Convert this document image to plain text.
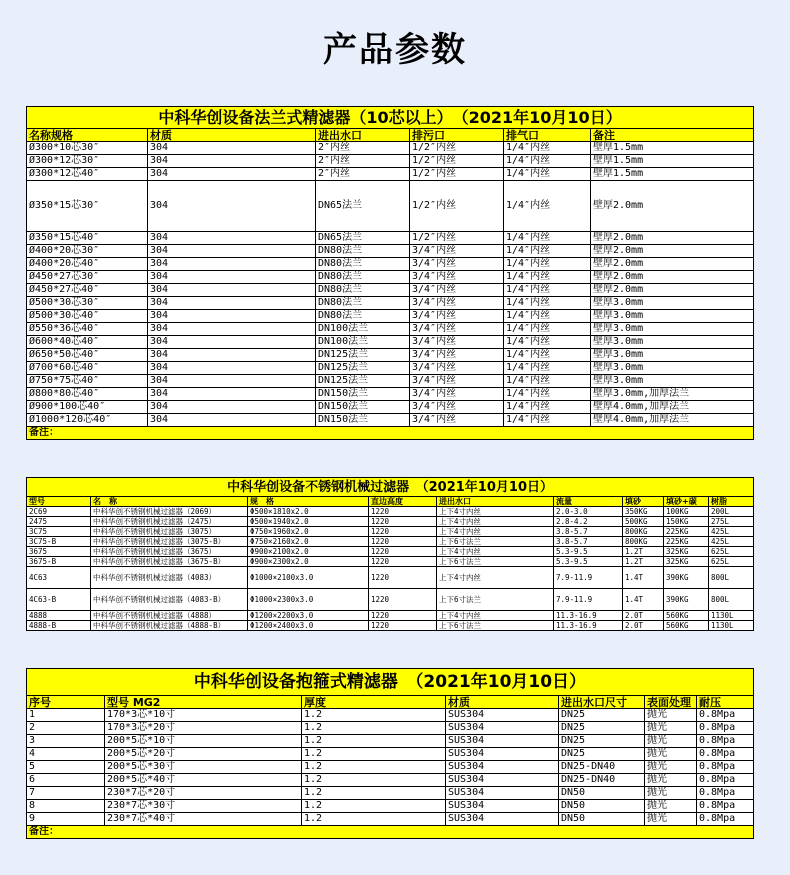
产品参数
中科华创设备法兰式精滤器（10芯以上）　（2021年10月10日）					
名称规格	材质	进出水口	排污口	排气口	备注
Ø300*10芯30″	304	2″内丝	1/2″内丝	1/4″内丝	壁厚1.5mm
Ø300*12芯30″	304	2″内丝	1/2″内丝	1/4″内丝	壁厚1.5mm
Ø300*12芯40″	304	2″内丝	1/2″内丝	1/4″内丝	壁厚1.5mm
Ø350*15芯30″	304	DN65法兰	1/2″内丝	1/4″内丝	壁厚2.0mm
Ø350*15芯40″	304	DN65法兰	1/2″内丝	1/4″内丝	壁厚2.0mm
Ø400*20芯30″	304	DN80法兰	3/4″内丝	1/4″内丝	壁厚2.0mm
Ø400*20芯40″	304	DN80法兰	3/4″内丝	1/4″内丝	壁厚2.0mm
Ø450*27芯30″	304	DN80法兰	3/4″内丝	1/4″内丝	壁厚2.0mm
Ø450*27芯40″	304	DN80法兰	3/4″内丝	1/4″内丝	壁厚2.0mm
Ø500*30芯30″	304	DN80法兰	3/4″内丝	1/4″内丝	壁厚3.0mm
Ø500*30芯40″	304	DN80法兰	3/4″内丝	1/4″内丝	壁厚3.0mm
Ø550*36芯40″	304	DN100法兰	3/4″内丝	1/4″内丝	壁厚3.0mm
Ø600*40芯40″	304	DN100法兰	3/4″内丝	1/4″内丝	壁厚3.0mm
Ø650*50芯40″	304	DN125法兰	3/4″内丝	1/4″内丝	壁厚3.0mm
Ø700*60芯40″	304	DN125法兰	3/4″内丝	1/4″内丝	壁厚3.0mm
Ø750*75芯40″	304	DN125法兰	3/4″内丝	1/4″内丝	壁厚3.0mm
Ø800*80芯40″	304	DN150法兰	3/4″内丝	1/4″内丝	壁厚3.0mm,加厚法兰
Ø900*100芯40″	304	DN150法兰	3/4″内丝	1/4″内丝	壁厚4.0mm,加厚法兰
Ø1000*120芯40″	304	DN150法兰	3/4″内丝	1/4″内丝	壁厚4.0mm,加厚法兰
备注：					
中科华创设备不锈钢机械过滤器　（2021年10月10日）								
型号	名　称	规　格	直边高度	进出水口	流量	填砂	填砂+碳	树脂
2C69	中科华创不锈钢机械过滤器（2069）	Φ500×1810x2.0	1220	上下4寸内丝	2.0-3.0	350KG	100KG	200L
2475	中科华创不锈钢机械过滤器（2475）	Φ500×1940x2.0	1220	上下4寸内丝	2.8-4.2	500KG	150KG	275L
3C75	中科华创不锈钢机械过滤器（3075）	Φ750×1960x2.0	1220	上下4寸内丝	3.8-5.7	800KG	225KG	425L
3C75-B	中科华创不锈钢机械过滤器（3075-B）	Φ750×2160x2.0	1220	上下6寸法兰	3.8-5.7	800KG	225KG	425L
3675	中科华创不锈钢机械过滤器（3675）	Φ900×2100x2.0	1220	上下4寸内丝	5.3-9.5	1.2T	325KG	625L
3675-B	中科华创不锈钢机械过滤器（3675-B）	Φ900×2300x2.0	1220	上下6寸法兰	5.3-9.5	1.2T	325KG	625L
4C63	中科华创不锈钢机械过滤器（4083）	Φ1000×2100x3.0	1220	上下4寸内丝	7.9-11.9	1.4T	390KG	800L
4C63-B	中科华创不锈钢机械过滤器（4083-B）	Φ1000×2300x3.0	1220	上下6寸法兰	7.9-11.9	1.4T	390KG	800L
4888	中科华创不锈钢机械过滤器（4888）	Φ1200×2200x3.0	1220	上下4寸内丝	11.3-16.9	2.0T	560KG	1130L
4888-B	中科华创不锈钢机械过滤器（4888-B）	Φ1200×2400x3.0	1220	上下6寸法兰	11.3-16.9	2.0T	560KG	1130L
中科华创设备抱箍式精滤器　（2021年10月10日）						
序号	型号 MG2	厚度	材质	进出水口尺寸	表面处理	耐压
1	170*3芯*10寸	1.2	SUS304	DN25	抛光	0.8Mpa
2	170*3芯*20寸	1.2	SUS304	DN25	抛光	0.8Mpa
3	200*5芯*10寸	1.2	SUS304	DN25	抛光	0.8Mpa
4	200*5芯*20寸	1.2	SUS304	DN25	抛光	0.8Mpa
5	200*5芯*30寸	1.2	SUS304	DN25-DN40	抛光	0.8Mpa
6	200*5芯*40寸	1.2	SUS304	DN25-DN40	抛光	0.8Mpa
7	230*7芯*20寸	1.2	SUS304	DN50	抛光	0.8Mpa
8	230*7芯*30寸	1.2	SUS304	DN50	抛光	0.8Mpa
9	230*7芯*40寸	1.2	SUS304	DN50	抛光	0.8Mpa
备注：						
